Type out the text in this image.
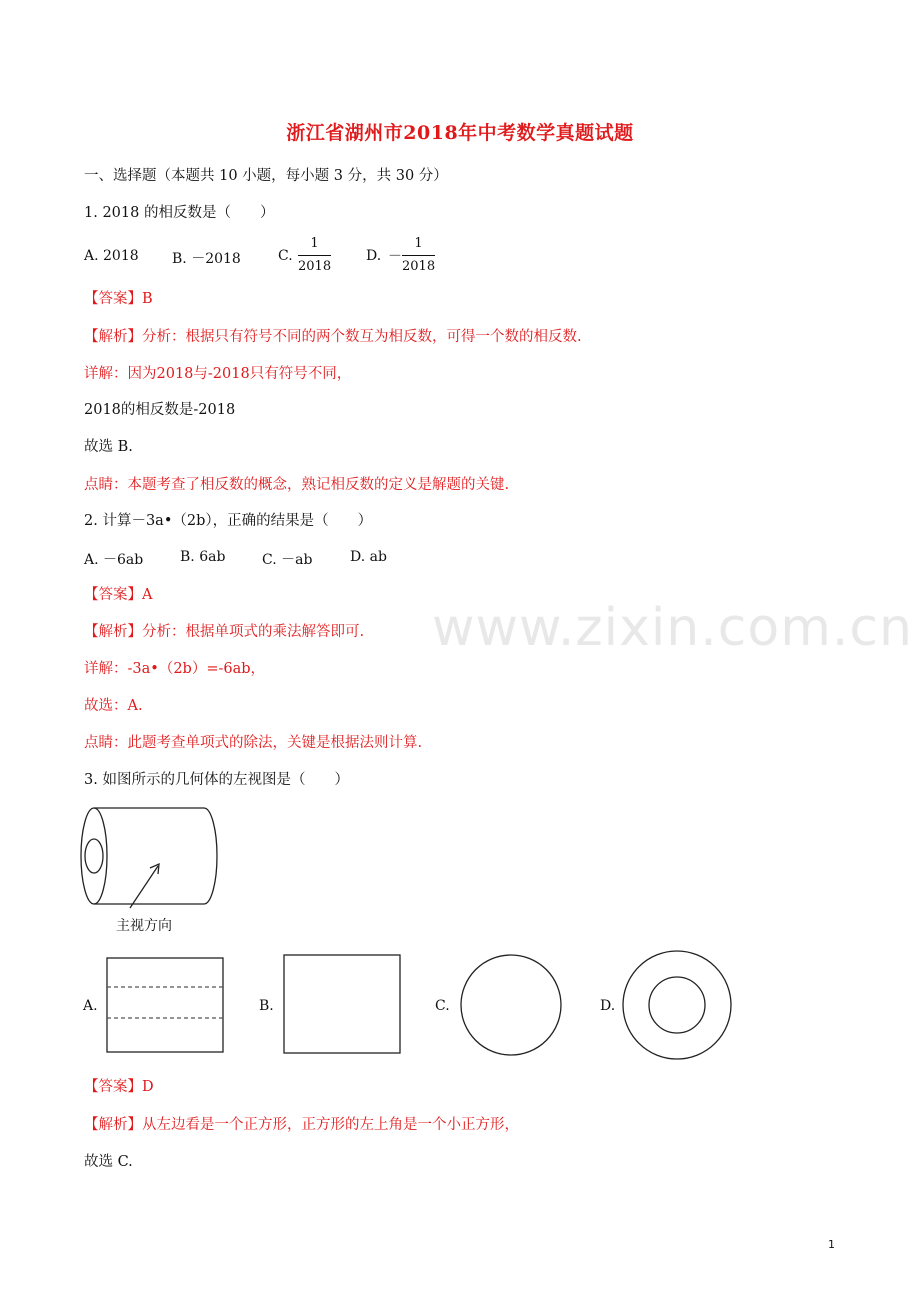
www.zixin.com.cn
浙江省湖州市2018年中考数学真题试题
一、选择题（本题共 10 小题，每小题 3 分，共 30 分）
1. 2018 的相反数是（　　）
A. 2018 B. －2018	C. $\frac{1}{2018} D$. － $\frac{1}{2018}$
【答案】B
【解析】分析：根据只有符号不同的两个数互为相反数，可得一个数的相反数.
详解：因为2018与-2018只有符号不同，
2018的相反数是-2018
故选 B.
点睛：本题考查了相反数的概念，熟记相反数的定义是解题的关键.
2. 计算－3a•（2b），正确的结果是（　　）
A. －6ab	B. 6ab	C. －ab	D. ab
【答案】A
【解析】分析：根据单项式的乘法解答即可.
详解：-3a•（2b）=-6ab，
故选：A.
点睛：此题考查单项式的除法，关键是根据法则计算.
3. 如图所示的几何体的左视图是（　　）
主视方向
A.	B.	C.	D.
【答案】D
【解析】从左边看是一个正方形，正方形的左上角是一个小正方形，
故选 C.
1
